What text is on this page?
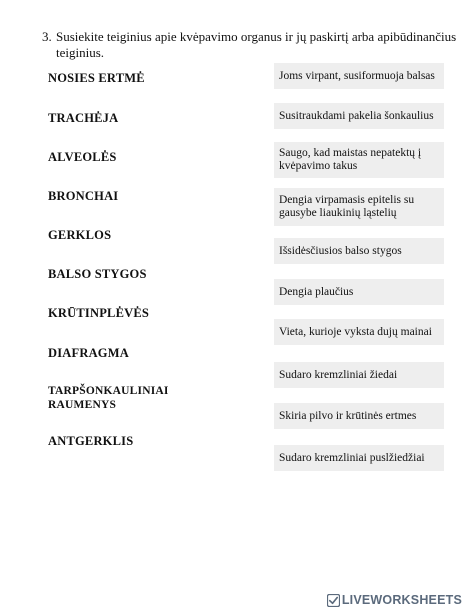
3. Susiekite teiginius apie kvėpavimo organus ir jų paskirtį arba apibūdinančius teiginius.
NOSIES ERTMĖ
TRACHĖJA
ALVEOLĖS
BRONCHAI
GERKLOS
BALSO STYGOS
KRŪTINPLĖVĖS
DIAFRAGMA
TARPŠONKAULINIAI RAUMENYS
ANTGERKLIS
Joms virpant, susiformuoja balsas
Susitraukdami pakelia šonkaulius
Saugo, kad maistas nepatektų į kvėpavimo takus
Dengia virpamasis epitelis su gausybe liaukinių ląstelių
Išsidėsčiusios balso stygos
Dengia plaučius
Vieta, kurioje vyksta dujų mainai
Sudaro kremzliniai žiedai
Skiria pilvo ir krūtinės ertmes
Sudaro kremzliniai puslžiedžiai
LIVEWORKSHEETS
